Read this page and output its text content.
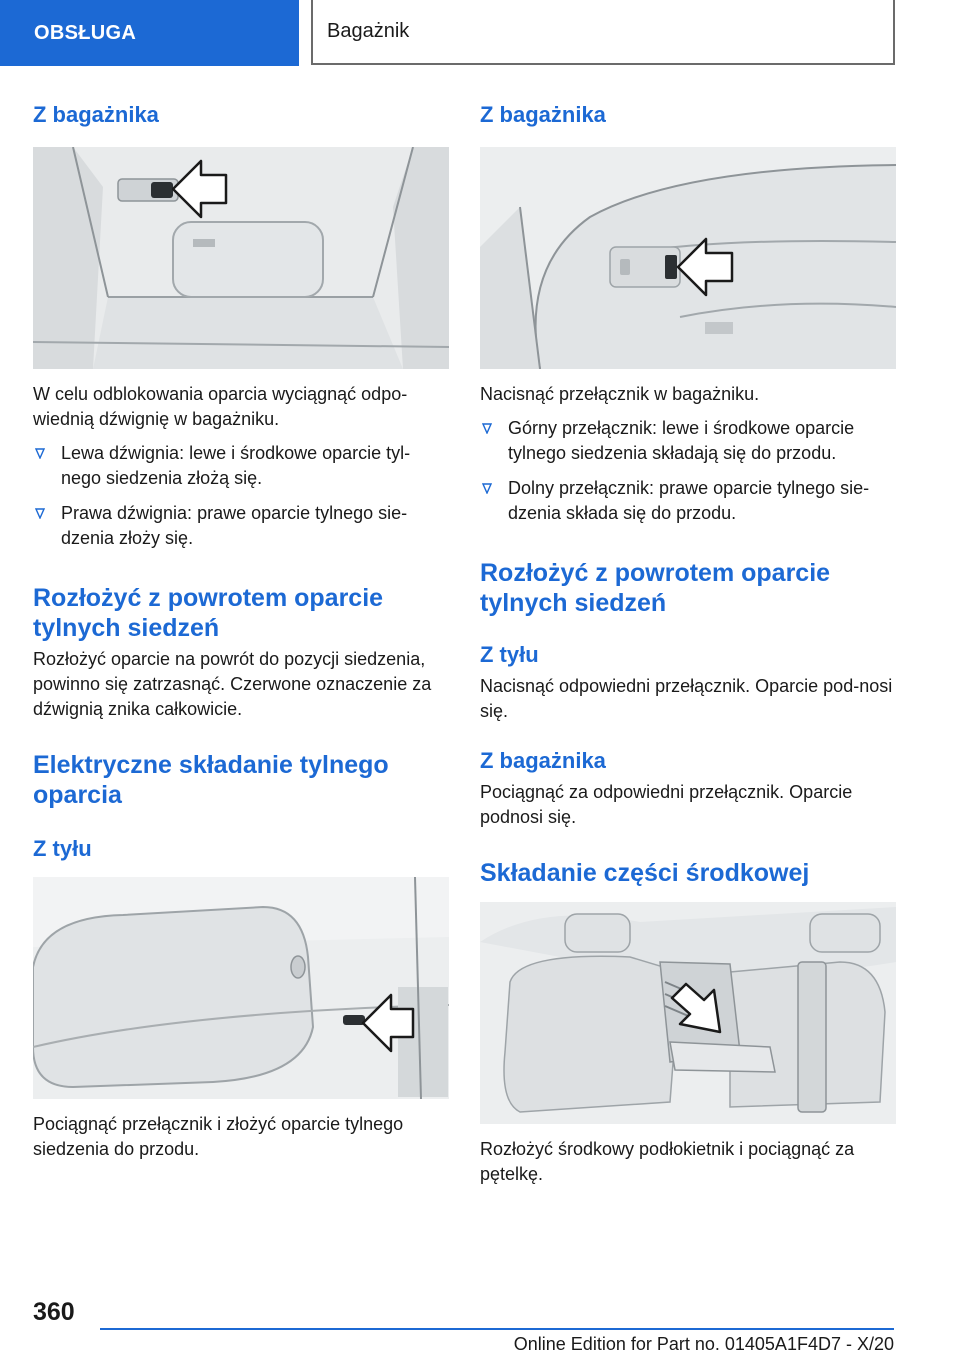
OBSŁUGA	Bagażnik
Z bagażnika

W celu odblokowania oparcia wyciągnąć odpo-wiednią dźwignię w bagażniku.

Lewa dźwignia: lewe i środkowe oparcie tyl-nego siedzenia złożą się.
Prawa dźwignia: prawe oparcie tylnego sie-dzenia złoży się.
Rozłożyć z powrotem oparcie tylnych siedzeń

Rozłożyć oparcie na powrót do pozycji siedzenia, powinno się zatrzasnąć. Czerwone oznaczenie za dźwignią znika całkowicie.

Elektryczne składanie tylnego oparcia
Z tyłu

Pociągnąć przełącznik i złożyć oparcie tylnego siedzenia do przodu.

Z bagażnika

Nacisnąć przełącznik w bagażniku.

Górny przełącznik: lewe i środkowe oparcie tylnego siedzenia składają się do przodu.
Dolny przełącznik: prawe oparcie tylnego sie-dzenia składa się do przodu.
Rozłożyć z powrotem oparcie tylnych siedzeń
Z tyłu

Nacisnąć odpowiedni przełącznik. Oparcie pod-nosi się.

Z bagażnika

Pociągnąć za odpowiedni przełącznik. Oparcie podnosi się.

Składanie części środkowej

Rozłożyć środkowy podłokietnik i pociągnąć za pętelkę.

360
Online Edition for Part no. 01405A1F4D7 - X/20
